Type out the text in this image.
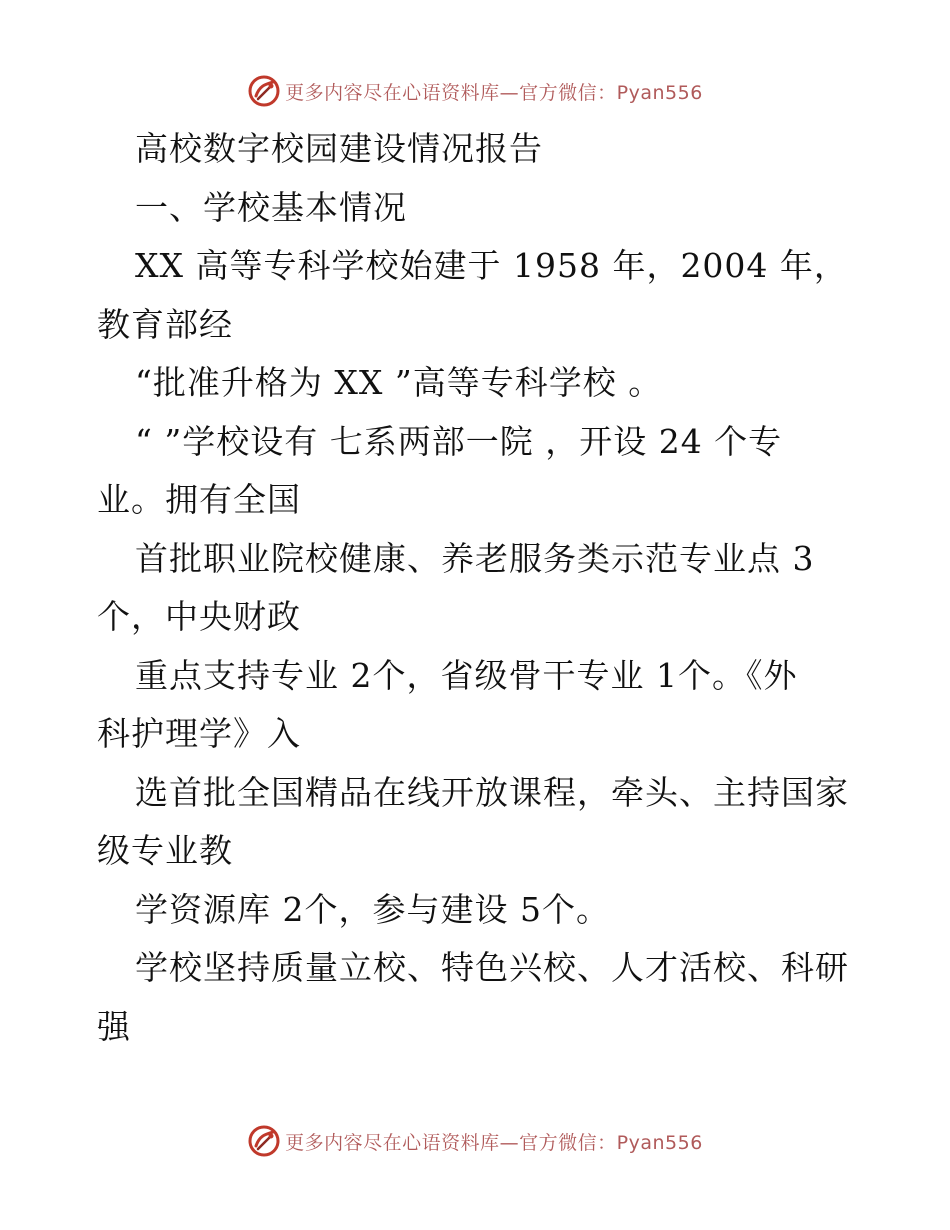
更多内容尽在心语资料库—官方微信：Pyan556
高校数字校园建设情况报告
一、学校基本情况
XX 高等专科学校始建于 1958 年，2004 年，
教育部经
“批准升格为 XX ”高等专科学校 。
“ ”学校设有 七系两部一院 ，开设 24 个专
业。拥有全国
首批职业院校健康、养老服务类示范专业点 3
个，中央财政
重点支持专业 2个，省级骨干专业 1个。《外
科护理学》入
选首批全国精品在线开放课程，牵头、主持国家
级专业教
学资源库 2个，参与建设 5个。
学校坚持质量立校、特色兴校、人才活校、科研
强
更多内容尽在心语资料库—官方微信：Pyan556
